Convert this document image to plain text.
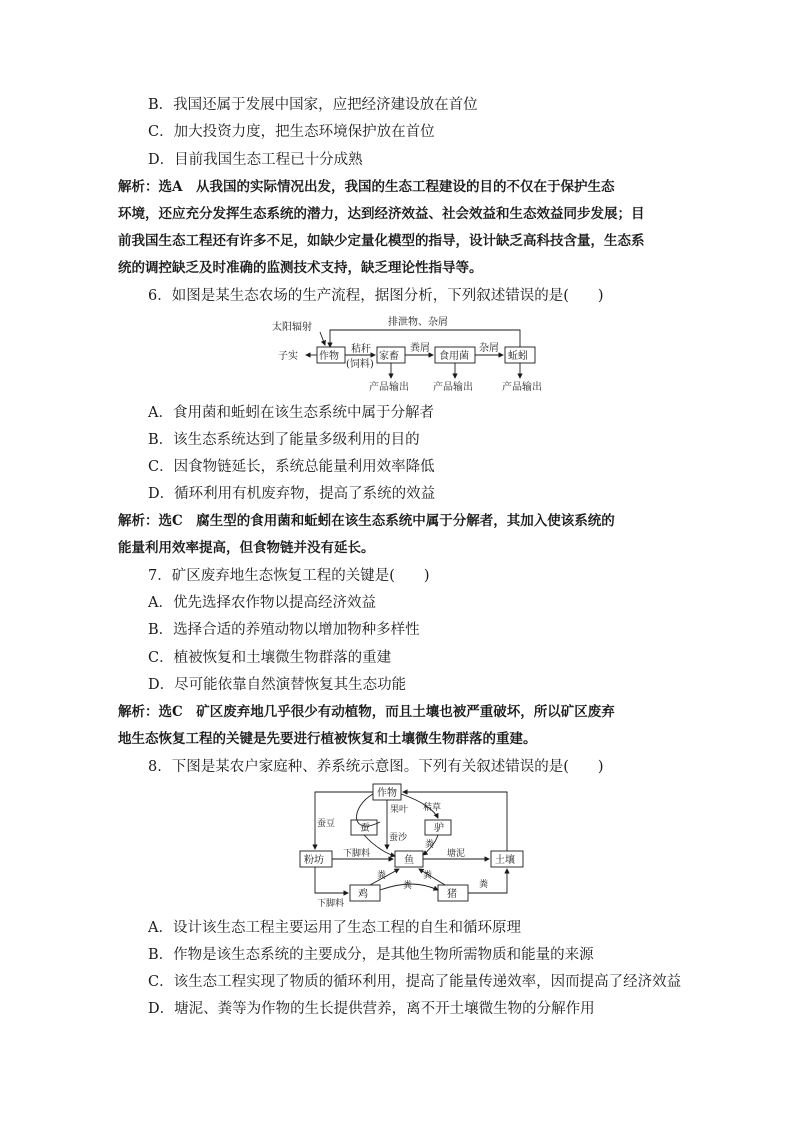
B．我国还属于发展中国家，应把经济建设放在首位
C．加大投资力度，把生态环境保护放在首位
D．目前我国生态工程已十分成熟
解析：选A　从我国的实际情况出发，我国的生态工程建设的目的不仅在于保护生态
环境，还应充分发挥生态系统的潜力，达到经济效益、社会效益和生态效益同步发展；目
前我国生态工程还有许多不足，如缺少定量化模型的指导，设计缺乏高科技含量，生态系
统的调控缺乏及时准确的监测技术支持，缺乏理论性指导等。
6．如图是某生态农场的生产流程，据图分析，下列叙述错误的是(　　)
太阳辐射	排泄物、杂屑
子实 作物
秸秆
(饲料)
家畜
粪屑
食用菌
杂屑
蚯蚓
产品输出 产品输出	产品输出
A．食用菌和蚯蚓在该生态系统中属于分解者
B．该生态系统达到了能量多级利用的目的
C．因食物链延长，系统总能量利用效率降低
D．循环利用有机废弃物，提高了系统的效益
解析：选C　腐生型的食用菌和蚯蚓在该生态系统中属于分解者，其加入使该系统的
能量利用效率提高，但食物链并没有延长。
7．矿区废弃地生态恢复工程的关键是(　　)
A．优先选择农作物以提高经济效益
B．选择合适的养殖动物以增加物种多样性
C．植被恢复和土壤微生物群落的重建
D．尽可能依靠自然演替恢复其生态功能
解析：选C　矿区废弃地几乎很少有动植物，而且土壤也被严重破坏，所以矿区废弃
地生态恢复工程的关键是先要进行植被恢复和土壤微生物群落的重建。
8．下图是某农户家庭种、养系统示意图。下列有关叙述错误的是(　　)
作物
蚕	驴
粉坊	鱼	土壤
鸡	猪
蚕豆
果叶
蚕沙
秸草
粪
下脚料	塘泥
粪	粪
粪	粪
下脚料
A．设计该生态工程主要运用了生态工程的自生和循环原理
B．作物是该生态系统的主要成分，是其他生物所需物质和能量的来源
C．该生态工程实现了物质的循环利用，提高了能量传递效率，因而提高了经济效益
D．塘泥、粪等为作物的生长提供营养，离不开土壤微生物的分解作用
